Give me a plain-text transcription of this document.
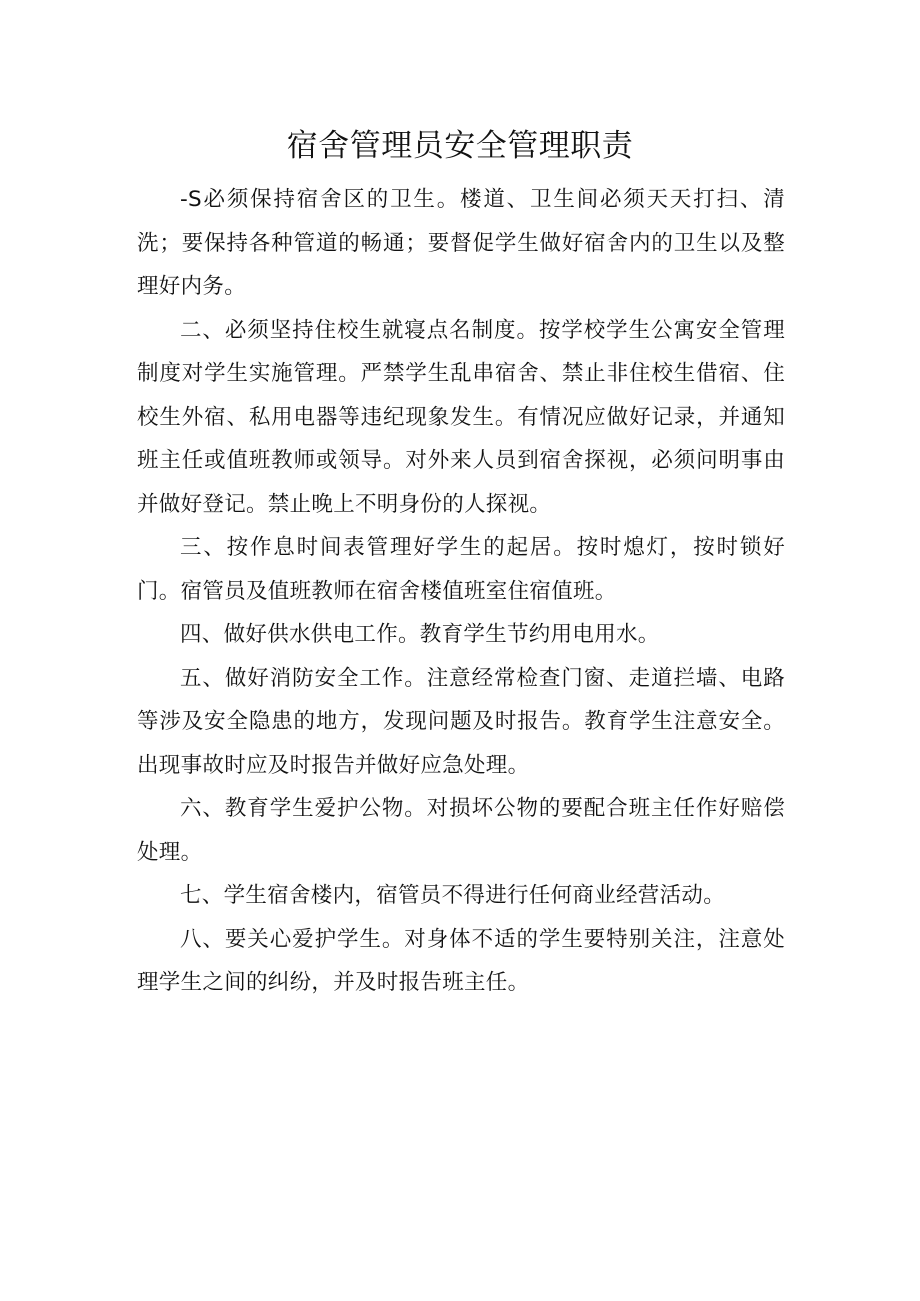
宿舍管理员安全管理职责

-S必须保持宿舍区的卫生。楼道、卫生间必须天天打扫、清洗；要保持各种管道的畅通；要督促学生做好宿舍内的卫生以及整理好内务。

二、必须坚持住校生就寝点名制度。按学校学生公寓安全管理制度对学生实施管理。严禁学生乱串宿舍、禁止非住校生借宿、住校生外宿、私用电器等违纪现象发生。有情况应做好记录，并通知班主任或值班教师或领导。对外来人员到宿舍探视，必须问明事由并做好登记。禁止晚上不明身份的人探视。

三、按作息时间表管理好学生的起居。按时熄灯，按时锁好门。宿管员及值班教师在宿舍楼值班室住宿值班。

四、做好供水供电工作。教育学生节约用电用水。

五、做好消防安全工作。注意经常检查门窗、走道拦墙、电路等涉及安全隐患的地方，发现问题及时报告。教育学生注意安全。出现事故时应及时报告并做好应急处理。

六、教育学生爱护公物。对损坏公物的要配合班主任作好赔偿处理。

七、学生宿舍楼内，宿管员不得进行任何商业经营活动。

八、要关心爱护学生。对身体不适的学生要特别关注，注意处理学生之间的纠纷，并及时报告班主任。
